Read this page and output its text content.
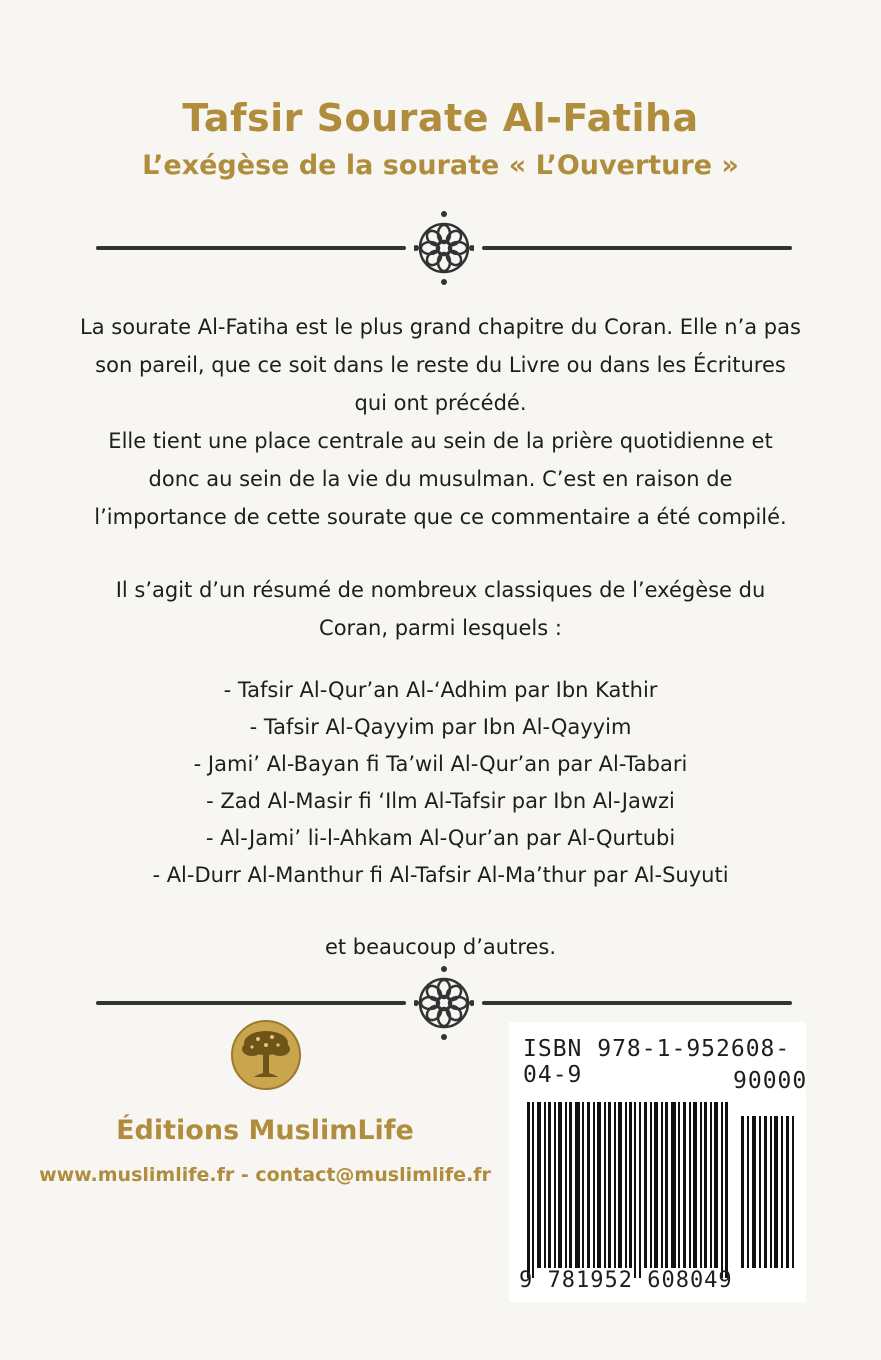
Tafsir Sourate Al-Fatiha
L’exégèse de la sourate « L’Ouverture »
La sourate Al-Fatiha est le plus grand chapitre du Coran. Elle n’a pas son pareil, que ce soit dans le reste du Livre ou dans les Écritures qui ont précédé.
Elle tient une place centrale au sein de la prière quotidienne et donc au sein de la vie du musulman. C’est en raison de l’importance de cette sourate que ce commentaire a été compilé.
Il s’agit d’un résumé de nombreux classiques de l’exégèse du Coran, parmi lesquels :
- Tafsir Al-Qur’an Al-‘Adhim par Ibn Kathir
- Tafsir Al-Qayyim par Ibn Al-Qayyim
- Jami’ Al-Bayan fi Ta’wil Al-Qur’an par Al-Tabari
- Zad Al-Masir fi ‘Ilm Al-Tafsir par Ibn Al-Jawzi
- Al-Jami’ li-l-Ahkam Al-Qur’an par Al-Qurtubi
- Al-Durr Al-Manthur fi Al-Tafsir Al-Ma’thur par Al-Suyuti
et beaucoup d’autres.
Éditions MuslimLife
www.muslimlife.fr - contact@muslimlife.fr
ISBN 978-1-952608-04-9	90000
9 781952 608049
